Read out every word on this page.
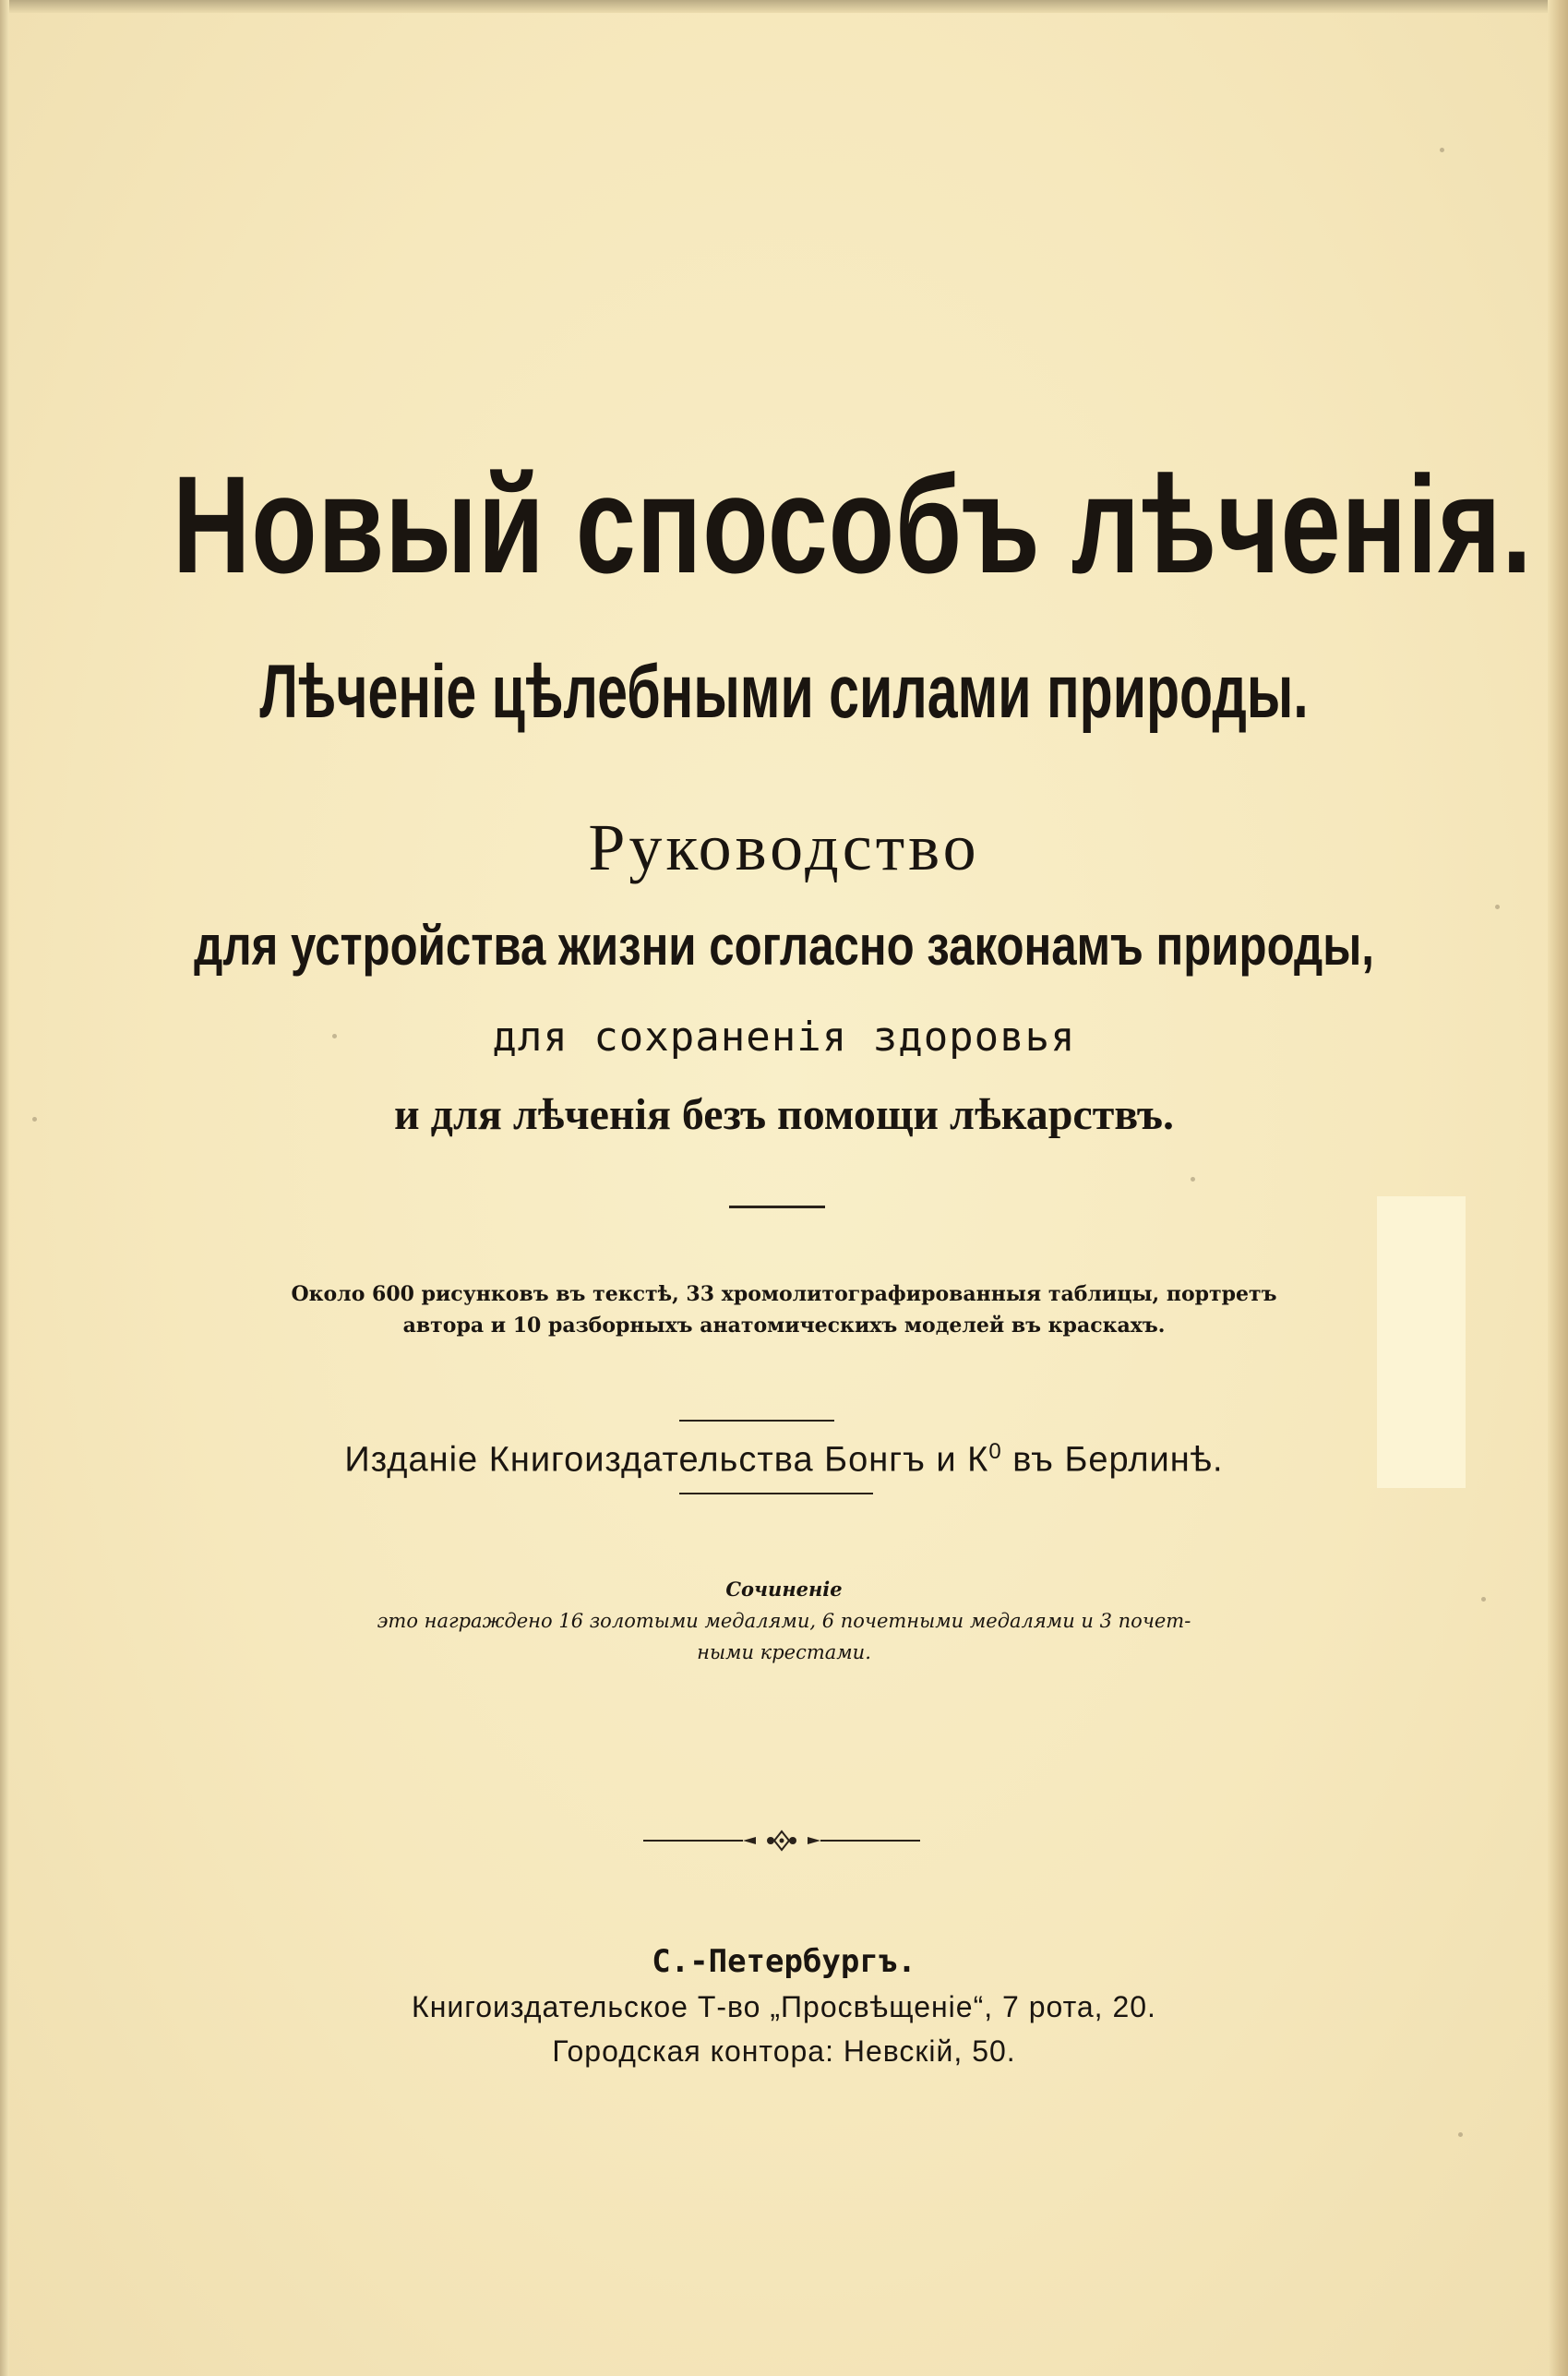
Новый способъ лѣченія.
Лѣченіе цѣлебными силами природы.
Руководство
для устройства жизни согласно законамъ природы,
для сохраненія здоровья
и для лѣченія безъ помощи лѣкарствъ.
Около 600 рисунковъ въ текстѣ, 33 хромолитографированныя таблицы, портретъ
автора и 10 разборныхъ анатомическихъ моделей въ краскахъ.
Изданіе Книгоиздательства Бонгъ и $К^0$ въ Берлинѣ.
Сочиненіе
это награждено 16 золотыми медалями, 6 почетными медалями и 3 почет-
ными крестами.
С.-Петербургъ.
Книгоиздательское Т-во „Просвѣщеніе“, 7 рота, 20.
Городская контора: Невскій, 50.
